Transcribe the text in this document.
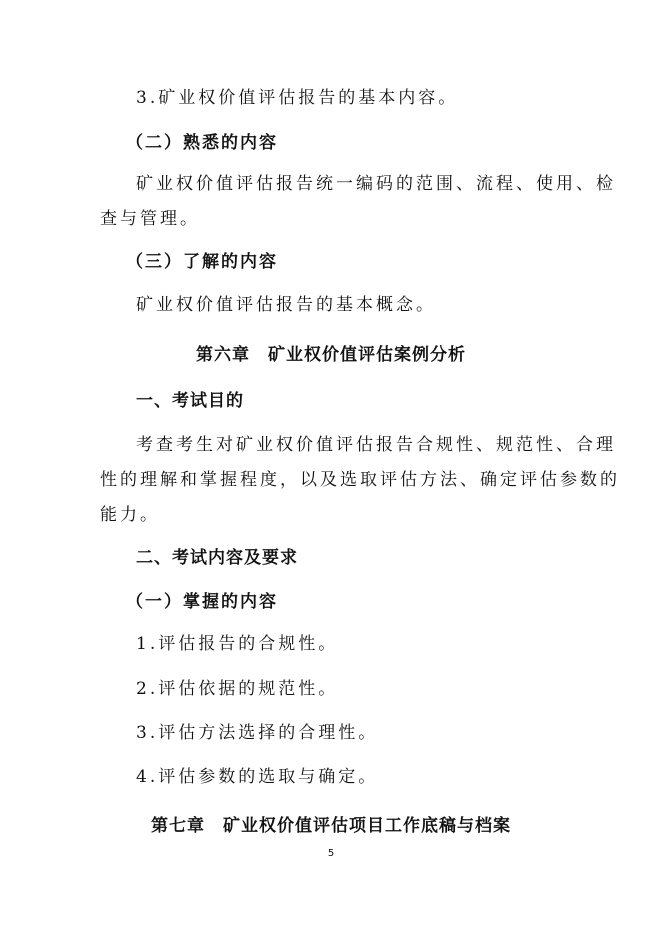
3.矿业权价值评估报告的基本内容。
（二）熟悉的内容
矿业权价值评估报告统一编码的范围、流程、使用、检
查与管理。
（三）了解的内容
矿业权价值评估报告的基本概念。
第六章 矿业权价值评估案例分析
一、考试目的
考查考生对矿业权价值评估报告合规性、规范性、合理
性的理解和掌握程度，以及选取评估方法、确定评估参数的
能力。
二、考试内容及要求
（一）掌握的内容
1.评估报告的合规性。
2.评估依据的规范性。
3.评估方法选择的合理性。
4.评估参数的选取与确定。
第七章 矿业权价值评估项目工作底稿与档案
5
